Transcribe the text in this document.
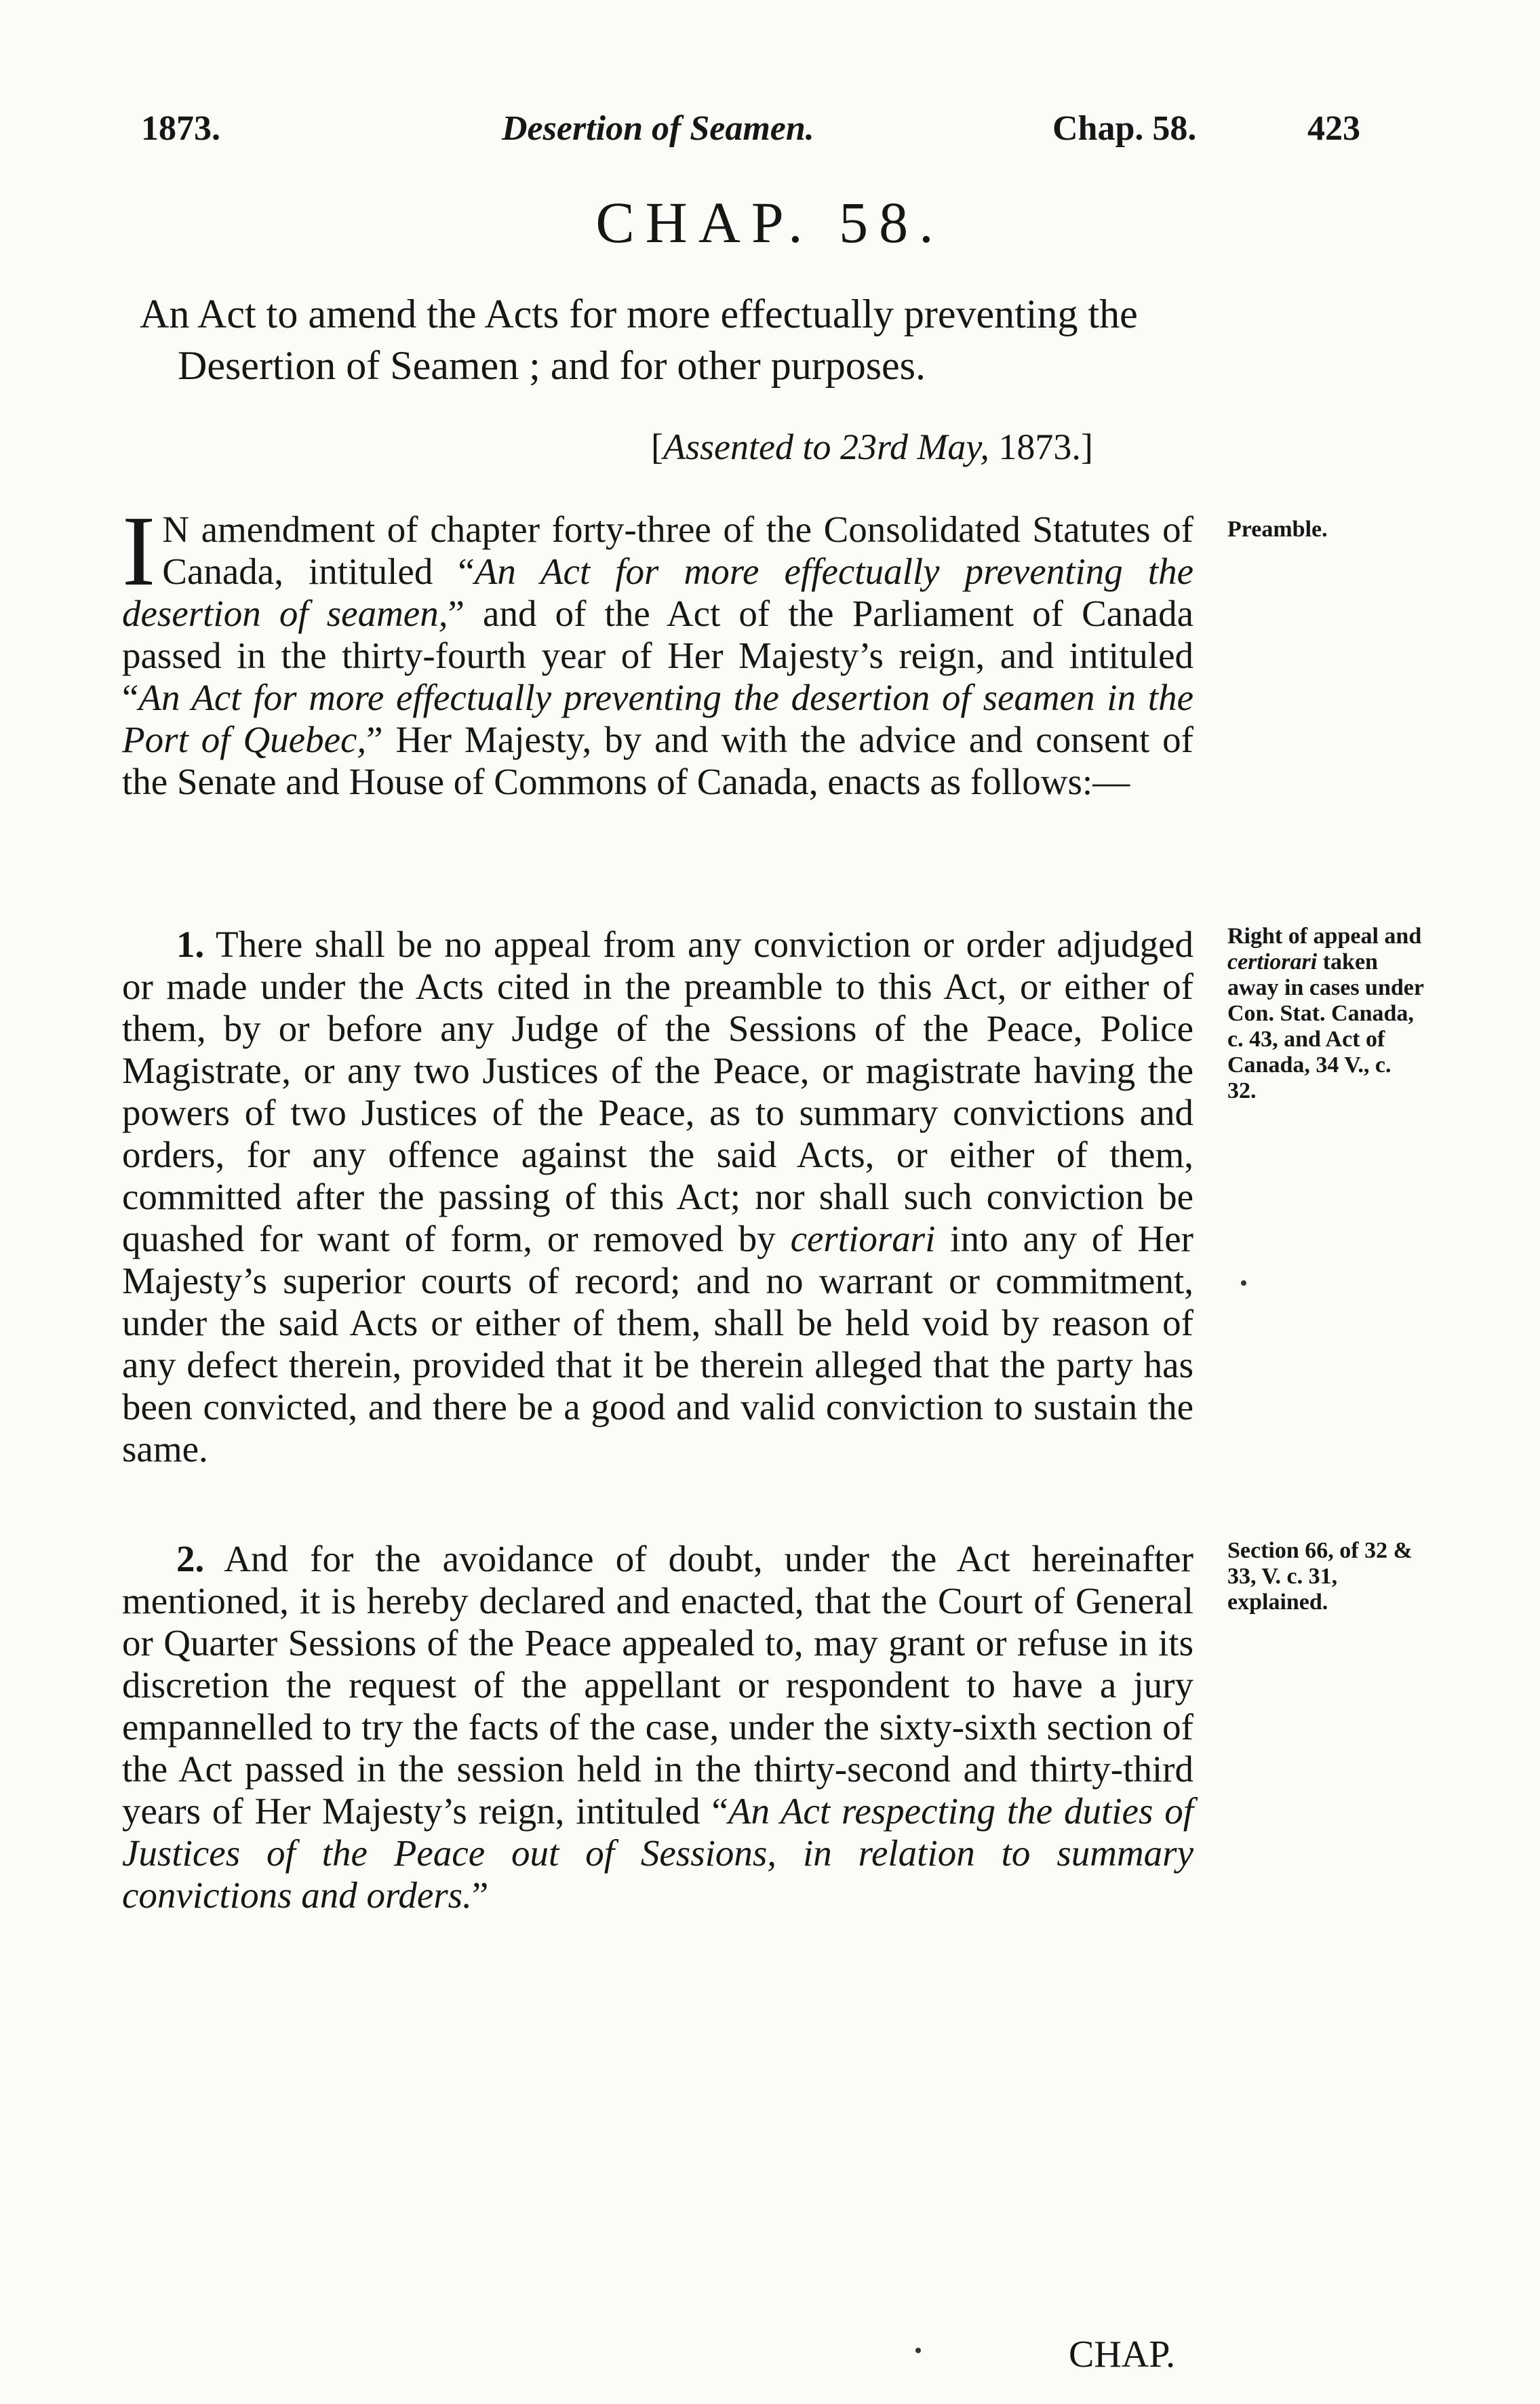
1873.	Desertion of Seamen.	Chap. 58.	423
CHAP. 58.

An Act to amend the Acts for more effectually preventing the Desertion of Seamen ; and for other purposes.

[Assented to 23rd May, 1873.]

I N amendment of chapter forty-three of the Consolidated Statutes of Canada, intituled “An Act for more effectually preventing the desertion of seamen,” and of the Act of the Parliament of Canada passed in the thirty-fourth year of Her Majesty’s reign, and intituled “An Act for more effectually preventing the desertion of seamen in the Port of Quebec,” Her Majesty, by and with the advice and consent of the Senate and House of Commons of Canada, enacts as follows:—

Preamble.

1. There shall be no appeal from any conviction or order adjudged or made under the Acts cited in the preamble to this Act, or either of them, by or before any Judge of the Sessions of the Peace, Police Magistrate, or any two Justices of the Peace, or magistrate having the powers of two Justices of the Peace, as to summary convictions and orders, for any offence against the said Acts, or either of them, committed after the passing of this Act; nor shall such conviction be quashed for want of form, or removed by certiorari into any of Her Majesty’s superior courts of record; and no warrant or commitment, under the said Acts or either of them, shall be held void by reason of any defect therein, provided that it be therein alleged that the party has been convicted, and there be a good and valid conviction to sustain the same.

Right of appeal and certiorari taken away in cases under Con. Stat. Canada, c. 43, and Act of Canada, 34 V., c. 32.

2. And for the avoidance of doubt, under the Act hereinafter mentioned, it is hereby declared and enacted, that the Court of General or Quarter Sessions of the Peace appealed to, may grant or refuse in its discretion the request of the appellant or respondent to have a jury empannelled to try the facts of the case, under the sixty-sixth section of the Act passed in the session held in the thirty-second and thirty-third years of Her Majesty’s reign, intituled “An Act respecting the duties of Justices of the Peace out of Sessions, in relation to summary convictions and orders.”

Section 66, of 32 & 33, V. c. 31, explained.

CHAP.
